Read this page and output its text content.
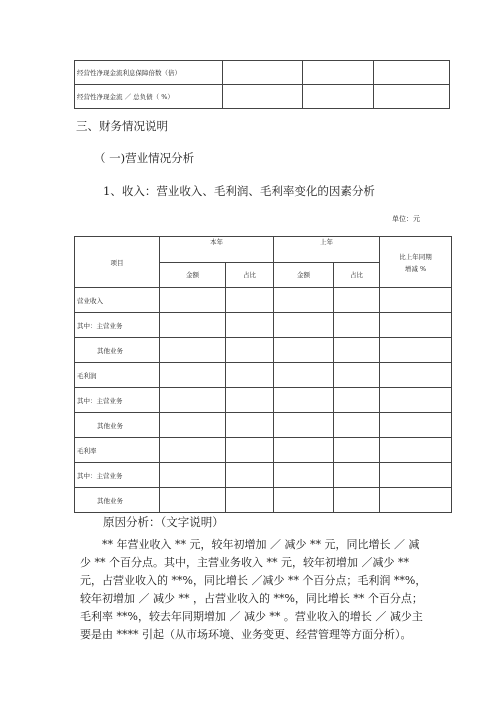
经营性净现金流利息保障倍数（倍）			
经营性净现金流 ／ 总负债（ %）			
三、财务情况说明
（ 一)营业情况分析
1、收入：营业收入、毛利润、毛利率变化的因素分析
单位：元
项目	本年		上年		比上年同期
增减 %

	金额	占比	金额	占比	
营业收入					
其中：主营业务					
其他业务					
毛利润					
其中：主营业务					
其他业务					
毛利率					
其中：主营业务					
其他业务					
原因分析：（文字说明）
** 年营业收入 ** 元，较年初增加 ／ 减少 ** 元，同比增长 ／ 减
少 ** 个百分点。其中，主营业务收入 ** 元，较年初增加 ／减少 **
元，占营业收入的 **%，同比增长 ／减少 ** 个百分点；毛利润 **%，
较年初增加 ／ 减少 ** ，占营业收入的 **%，同比增长 ** 个百分点；
毛利率 **%，较去年同期增加 ／ 减少 ** 。营业收入的增长 ／ 减少主
要是由 **** 引起（从市场环境、业务变更、经营管理等方面分析）。
